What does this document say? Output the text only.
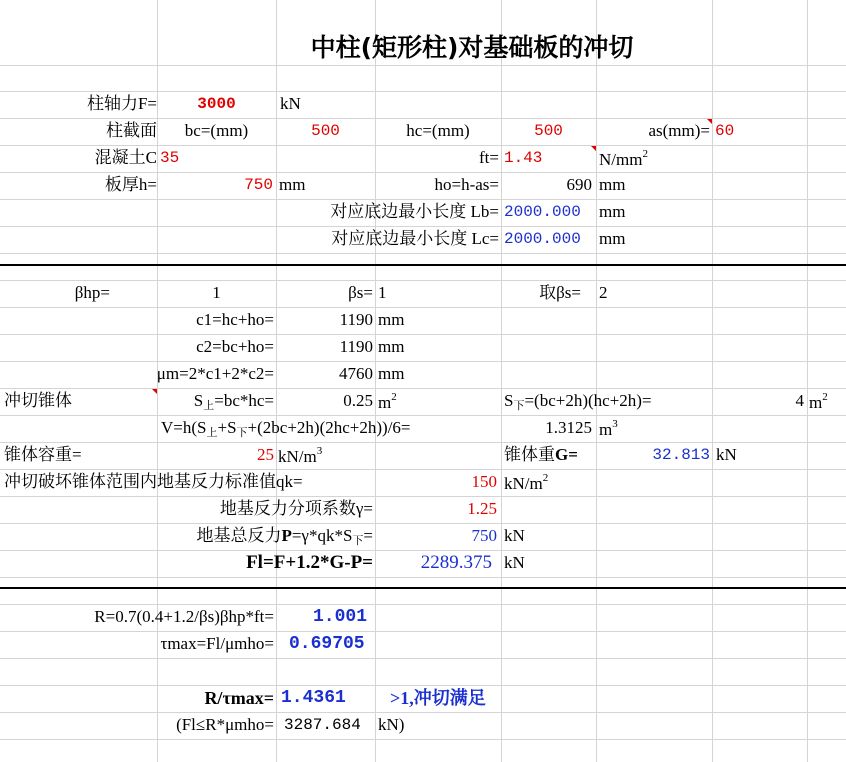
中柱(矩形柱)对基础板的冲切
柱轴力F=	3000	kN
柱截面	bc=(mm)	500	hc=(mm)	500	as(mm)= 60
混凝土C 35	ft= 1.43	$N/mm^2$
板厚h=	750 mm	ho=h-as=	690 mm
对应底边最小长度 Lb= 2000.000 mm
对应底边最小长度 Lc= 2000.000 mm
βhp=	1	βs= 1	取βs= 2
c1=hc+ho=	1190 mm
c2=bc+ho=	1190 mm
μm=2*c1+2*c2=	4760 mm
冲切锥体	S上=bc*hc=	0.25 $m^2$	S下=(bc+2h)(hc+2h)=	4 $m^2$
V=h(S上+S下+(2bc+2h)(2hc+2h))/6=	1.3125 $m^3$
锥体容重=	25 $kN/m^3$	锥体重G=	32.813 kN
冲切破坏锥体范围内地基反力标准值qk=	150 $kN/m^2$
地基反力分项系数γ=	1.25
地基总反力P=γ*qk*S下=	750 kN
Fl=F+1.2*G-P=	2289.375 kN
R=0.7(0.4+1.2/βs)βhp*ft= 1.001
τmax=Fl/μmho= 0.69705
R/τmax= 1.4361 >1,冲切满足
(Fl≤R*μmho= 3287.684 kN)
